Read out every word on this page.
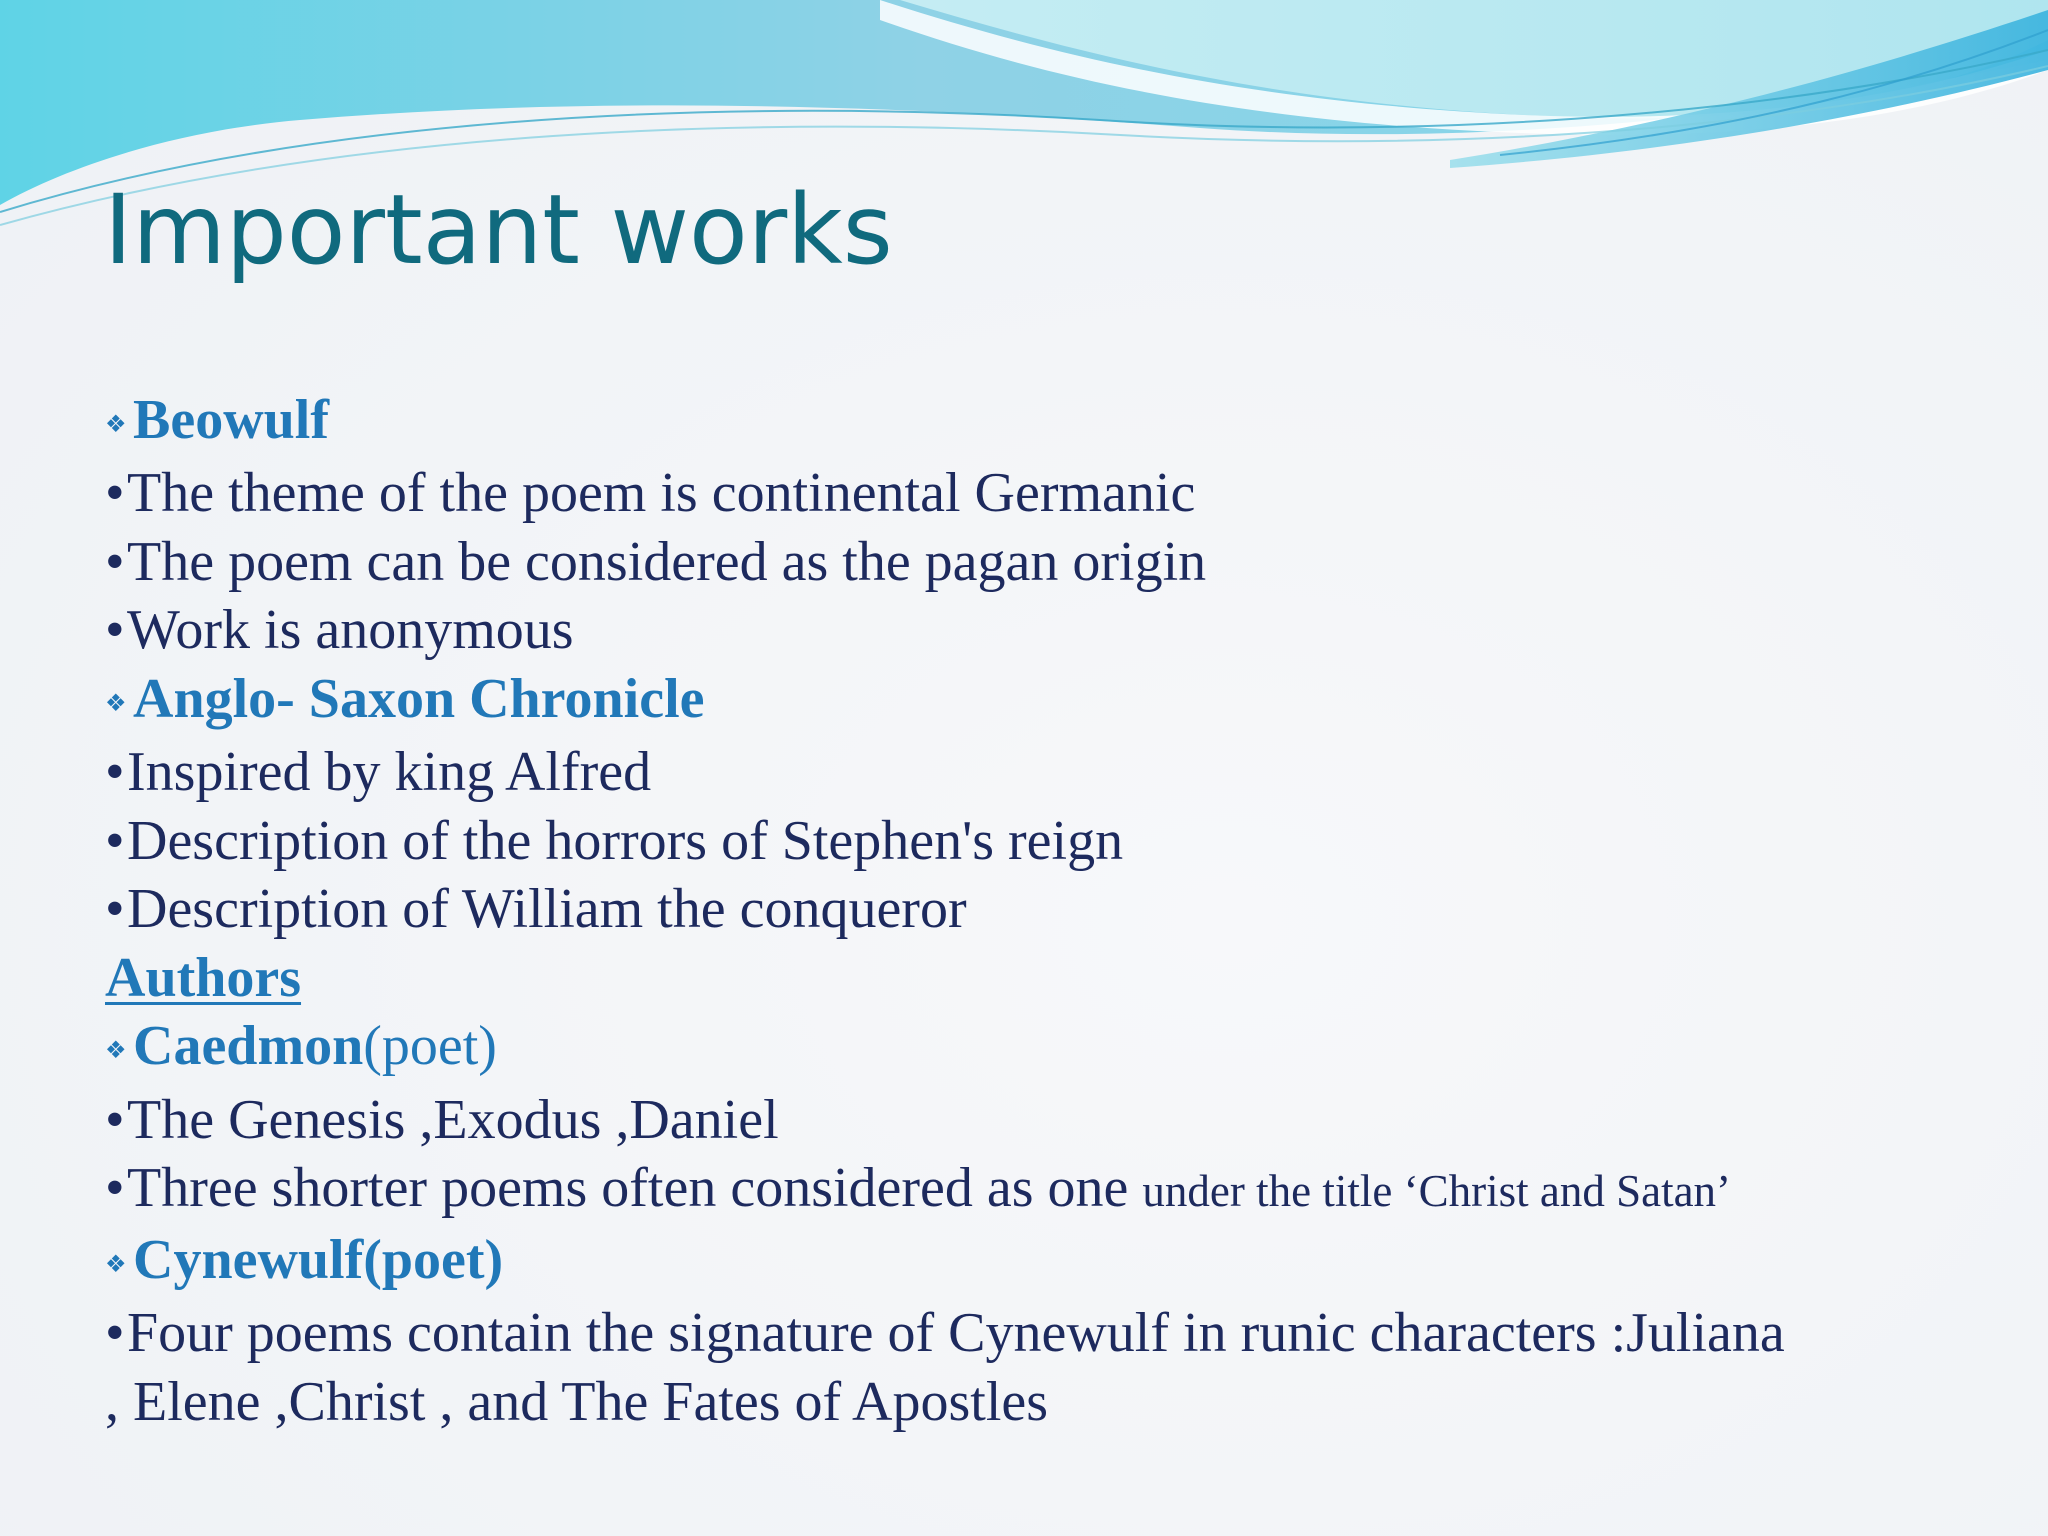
Important works
❖ Beowulf
•The theme of the poem is continental Germanic
•The poem can be considered as the pagan origin
•Work is anonymous
❖ Anglo- Saxon Chronicle
•Inspired by king Alfred
•Description of the horrors of Stephen's reign
•Description of William the conqueror
Authors
❖ Caedmon(poet)
•The Genesis ,Exodus ,Daniel
•Three shorter poems often considered as one under the title ‘Christ and Satan’
❖ Cynewulf(poet)
•Four poems contain the signature of Cynewulf in runic characters :Juliana
, Elene ,Christ , and The Fates of Apostles
